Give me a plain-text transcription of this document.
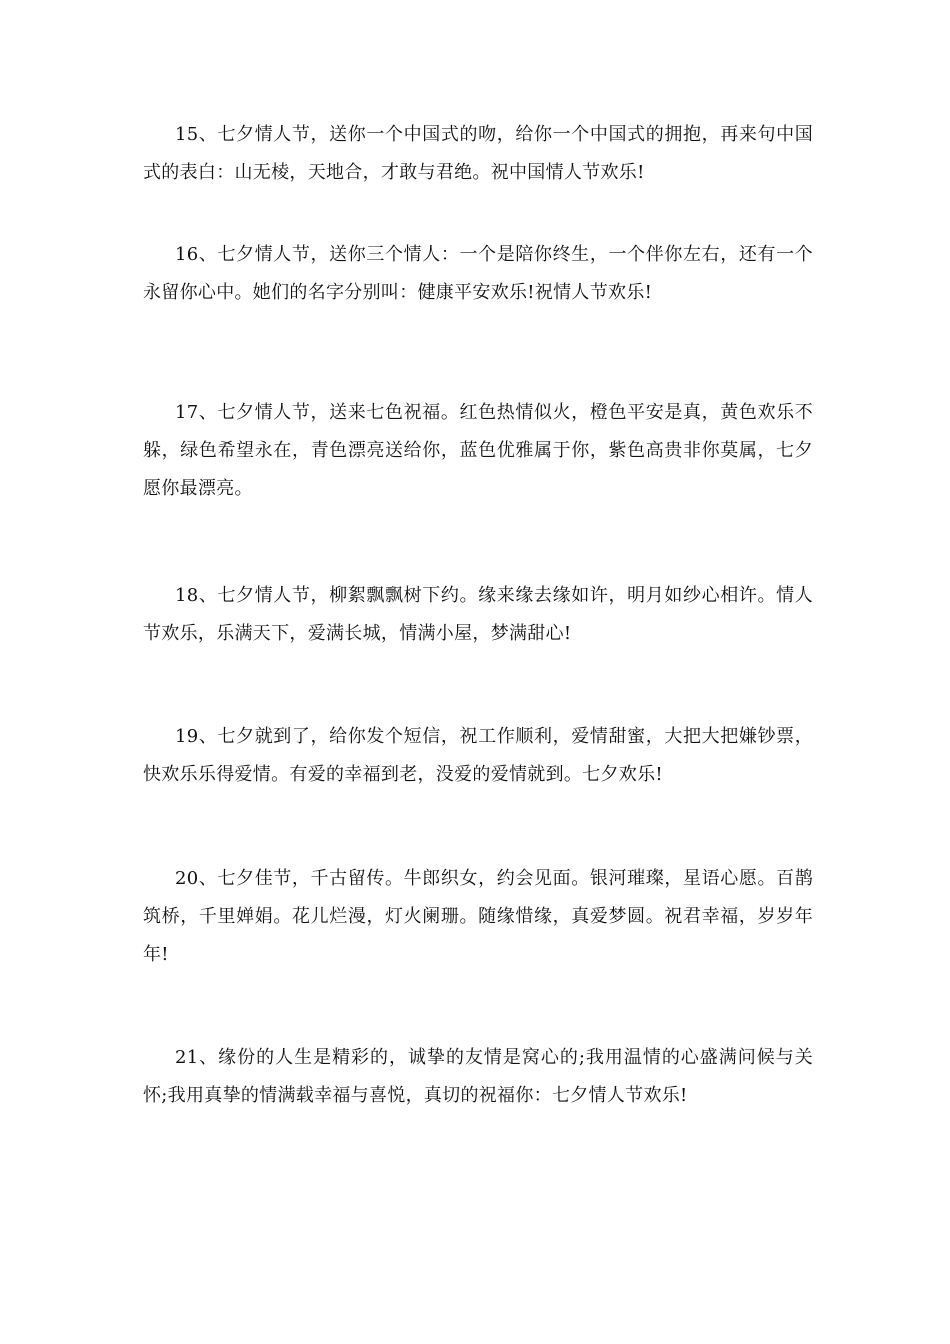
15、七夕情人节，送你一个中国式的吻，给你一个中国式的拥抱，再来句中国式的表白：山无棱，天地合，才敢与君绝。祝中国情人节欢乐!

16、七夕情人节，送你三个情人：一个是陪你终生，一个伴你左右，还有一个永留你心中。她们的名字分别叫：健康平安欢乐!祝情人节欢乐!

17、七夕情人节，送来七色祝福。红色热情似火，橙色平安是真，黄色欢乐不躲，绿色希望永在，青色漂亮送给你，蓝色优雅属于你，紫色高贵非你莫属，七夕愿你最漂亮。

18、七夕情人节，柳絮飘飘树下约。缘来缘去缘如许，明月如纱心相许。情人节欢乐，乐满天下，爱满长城，情满小屋，梦满甜心!

19、七夕就到了，给你发个短信，祝工作顺利，爱情甜蜜，大把大把嫌钞票，快欢乐乐得爱情。有爱的幸福到老，没爱的爱情就到。七夕欢乐!

20、七夕佳节，千古留传。牛郎织女，约会见面。银河璀璨，星语心愿。百鹊筑桥，千里婵娟。花儿烂漫，灯火阑珊。随缘惜缘，真爱梦圆。祝君幸福，岁岁年年!

21、缘份的人生是精彩的，诚挚的友情是窝心的;我用温情的心盛满问候与关怀;我用真挚的情满载幸福与喜悦，真切的祝福你：七夕情人节欢乐!
